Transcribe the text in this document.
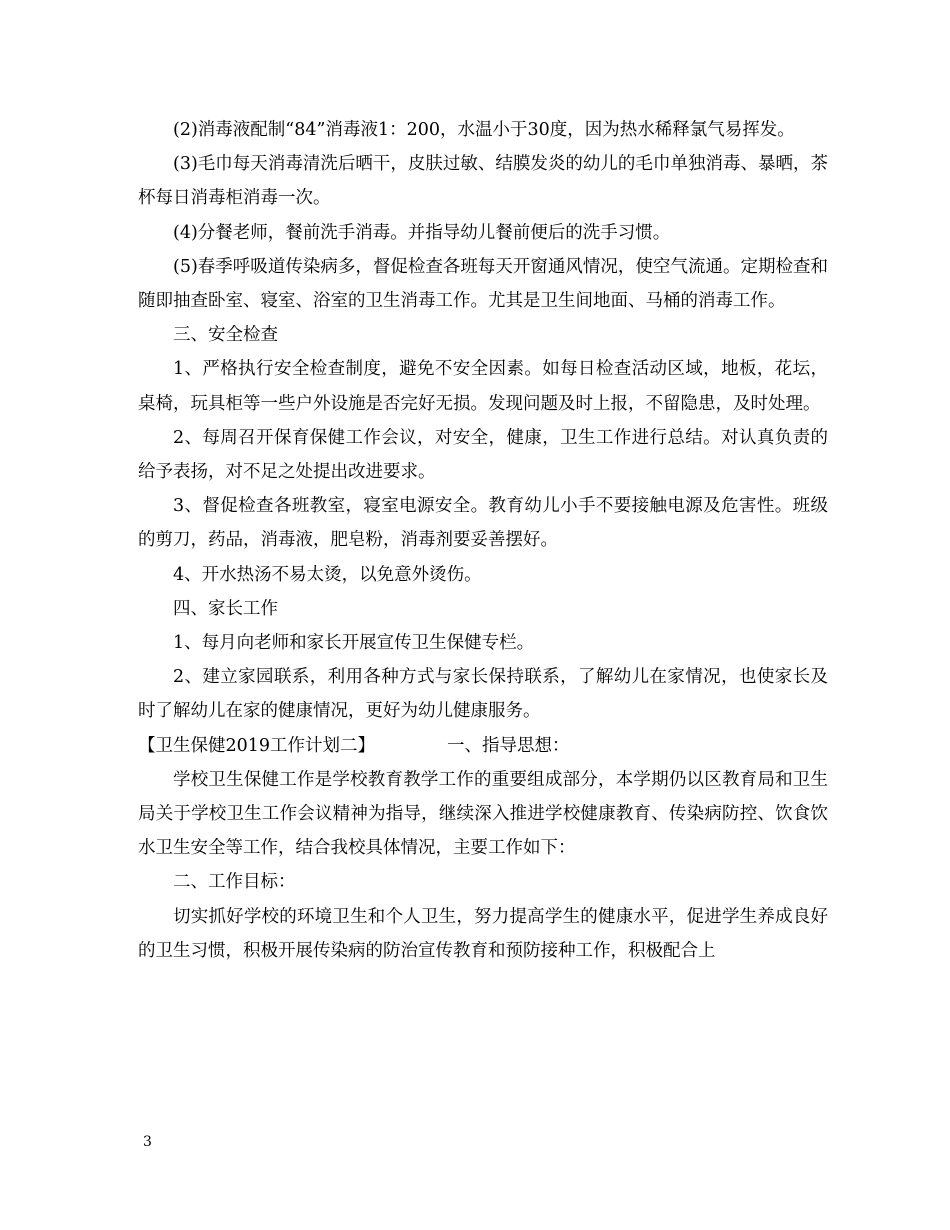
(2)消毒液配制“84”消毒液1：200，水温小于30度，因为热水稀释氯气易挥发。

(3)毛巾每天消毒清洗后晒干，皮肤过敏、结膜发炎的幼儿的毛巾单独消毒、暴晒，茶杯每日消毒柜消毒一次。

(4)分餐老师，餐前洗手消毒。并指导幼儿餐前便后的洗手习惯。

(5)春季呼吸道传染病多，督促检查各班每天开窗通风情况，使空气流通。定期检查和随即抽查卧室、寝室、浴室的卫生消毒工作。尤其是卫生间地面、马桶的消毒工作。

三、安全检查

1、严格执行安全检查制度，避免不安全因素。如每日检查活动区域，地板，花坛，桌椅，玩具柜等一些户外设施是否完好无损。发现问题及时上报，不留隐患，及时处理。

2、每周召开保育保健工作会议，对安全，健康，卫生工作进行总结。对认真负责的给予表扬，对不足之处提出改进要求。

3、督促检查各班教室，寝室电源安全。教育幼儿小手不要接触电源及危害性。班级的剪刀，药品，消毒液，肥皂粉，消毒剂要妥善摆好。

4、开水热汤不易太烫，以免意外烫伤。

四、家长工作

1、每月向老师和家长开展宣传卫生保健专栏。

2、建立家园联系，利用各种方式与家长保持联系，了解幼儿在家情况，也使家长及时了解幼儿在家的健康情况，更好为幼儿健康服务。

【卫生保健2019工作计划二】	一、指导思想：

学校卫生保健工作是学校教育教学工作的重要组成部分，本学期仍以区教育局和卫生局关于学校卫生工作会议精神为指导，继续深入推进学校健康教育、传染病防控、饮食饮水卫生安全等工作，结合我校具体情况，主要工作如下：

二、工作目标：

切实抓好学校的环境卫生和个人卫生，努力提高学生的健康水平，促进学生养成良好的卫生习惯，积极开展传染病的防治宣传教育和预防接种工作，积极配合上

3
